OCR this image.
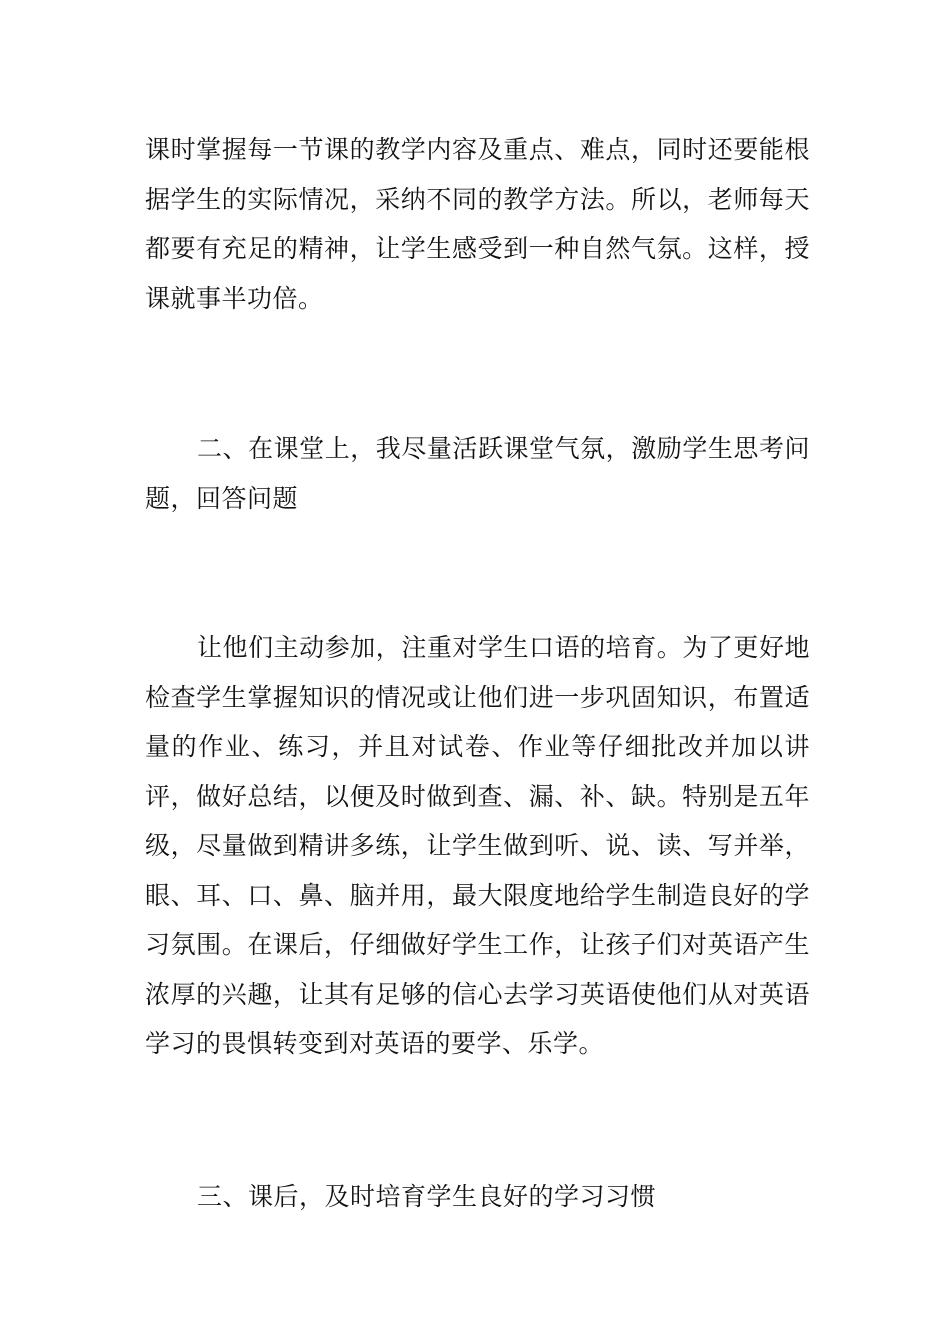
课时掌握每一节课的教学内容及重点、难点，同时还要能根据学生的实际情况，采纳不同的教学方法。所以，老师每天都要有充足的精神，让学生感受到一种自然气氛。这样，授课就事半功倍。

二、在课堂上，我尽量活跃课堂气氛，激励学生思考问题，回答问题

让他们主动参加，注重对学生口语的培育。为了更好地检查学生掌握知识的情况或让他们进一步巩固知识，布置适量的作业、练习，并且对试卷、作业等仔细批改并加以讲评，做好总结，以便及时做到查、漏、补、缺。特别是五年级，尽量做到精讲多练，让学生做到听、说、读、写并举，眼、耳、口、鼻、脑并用，最大限度地给学生制造良好的学习氛围。在课后，仔细做好学生工作，让孩子们对英语产生浓厚的兴趣，让其有足够的信心去学习英语使他们从对英语学习的畏惧转变到对英语的要学、乐学。

三、课后，及时培育学生良好的学习习惯
